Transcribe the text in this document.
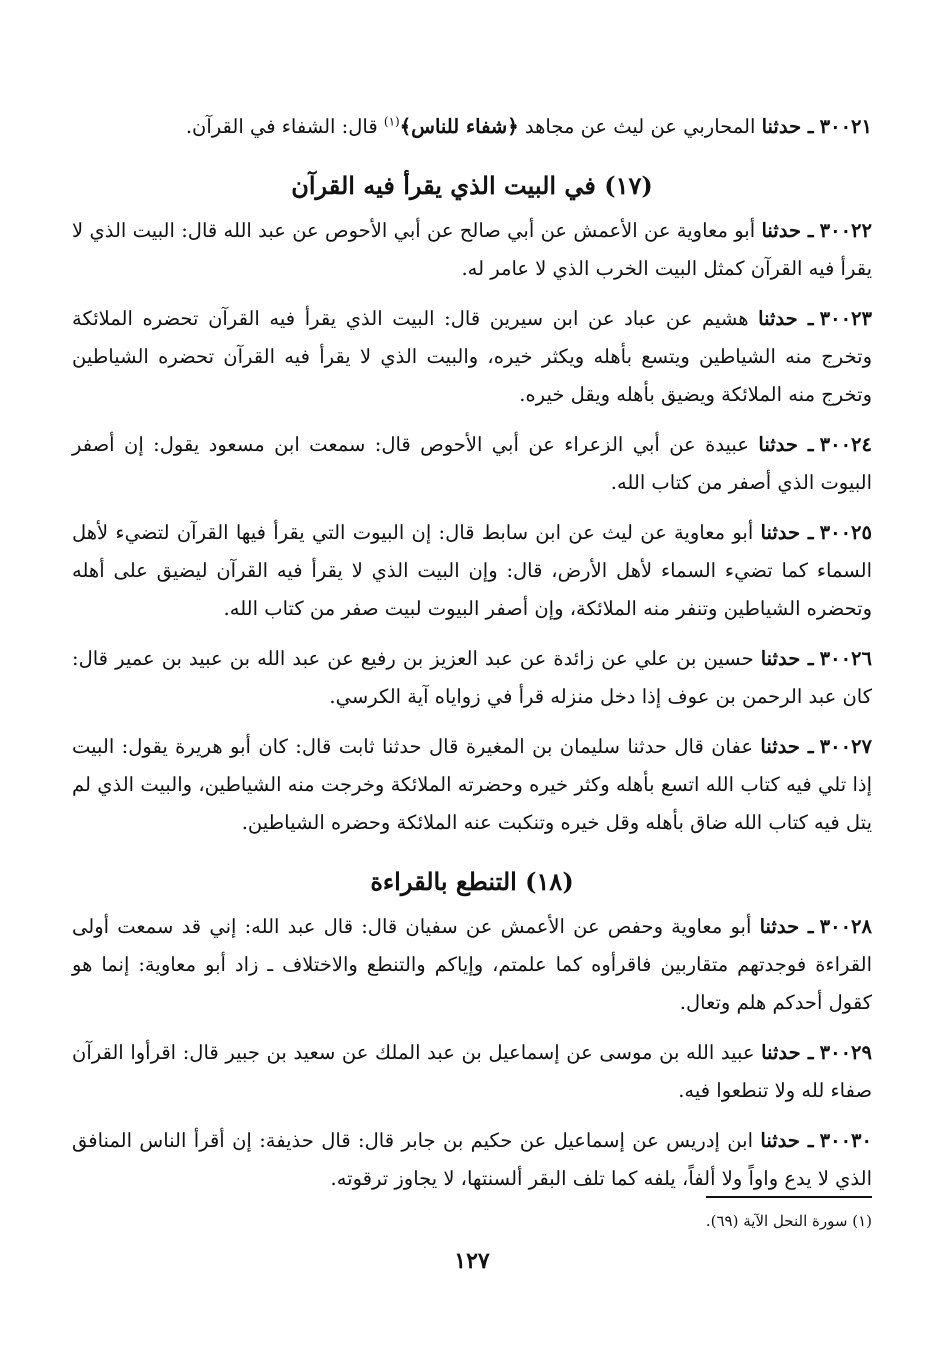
٣٠٠٢١ـ حدثنا المحاربي عن ليث عن مجاهد ﴿شفاء للناس﴾$^{(١)}$ قال: الشفاء في القرآن.

(١٧) في البيت الذي يقرأ فيه القرآن

٣٠٠٢٢ـ حدثنا أبو معاوية عن الأعمش عن أبي صالح عن أبي الأحوص عن عبد الله قال: البيت الذي لا يقرأ فيه القرآن كمثل البيت الخرب الذي لا عامر له.

٣٠٠٢٣ـ حدثنا هشيم عن عباد عن ابن سيرين قال: البيت الذي يقرأ فيه القرآن تحضره الملائكة وتخرج منه الشياطين ويتسع بأهله ويكثر خيره، والبيت الذي لا يقرأ فيه القرآن تحضره الشياطين وتخرج منه الملائكة ويضيق بأهله ويقل خيره.

٣٠٠٢٤ـ حدثنا عبيدة عن أبي الزعراء عن أبي الأحوص قال: سمعت ابن مسعود يقول: إن أصفر البيوت الذي أصفر من كتاب الله.

٣٠٠٢٥ـ حدثنا أبو معاوية عن ليث عن ابن سابط قال: إن البيوت التي يقرأ فيها القرآن لتضيء لأهل السماء كما تضيء السماء لأهل الأرض، قال: وإن البيت الذي لا يقرأ فيه القرآن ليضيق على أهله وتحضره الشياطين وتنفر منه الملائكة، وإن أصفر البيوت لبيت صفر من كتاب الله.

٣٠٠٢٦ـ حدثنا حسين بن علي عن زائدة عن عبد العزيز بن رفيع عن عبد الله بن عبيد بن عمير قال: كان عبد الرحمن بن عوف إذا دخل منزله قرأ في زواياه آية الكرسي.

٣٠٠٢٧ـ حدثنا عفان قال حدثنا سليمان بن المغيرة قال حدثنا ثابت قال: كان أبو هريرة يقول: البيت إذا تلي فيه كتاب الله اتسع بأهله وكثر خيره وحضرته الملائكة وخرجت منه الشياطين، والبيت الذي لم يتل فيه كتاب الله ضاق بأهله وقل خيره وتنكبت عنه الملائكة وحضره الشياطين.

(١٨) التنطع بالقراءة

٣٠٠٢٨ـ حدثنا أبو معاوية وحفص عن الأعمش عن سفيان قال: قال عبد الله: إني قد سمعت أولى القراءة فوجدتهم متقاربين فاقرأوه كما علمتم، وإياكم والتنطع والاختلاف ـ زاد أبو معاوية: إنما هو كقول أحدكم هلم وتعال.

٣٠٠٢٩ـ حدثنا عبيد الله بن موسى عن إسماعيل بن عبد الملك عن سعيد بن جبير قال: اقرأوا القرآن صفاء لله ولا تنطعوا فيه.

٣٠٠٣٠ـ حدثنا ابن إدريس عن إسماعيل عن حكيم بن جابر قال: قال حذيفة: إن أقرأ الناس المنافق الذي لا يدع واواً ولا ألفاً، يلفه كما تلف البقر ألسنتها، لا يجاوز ترقوته.

(١) سورة النحل الآية (٦٩).
١٢٧
